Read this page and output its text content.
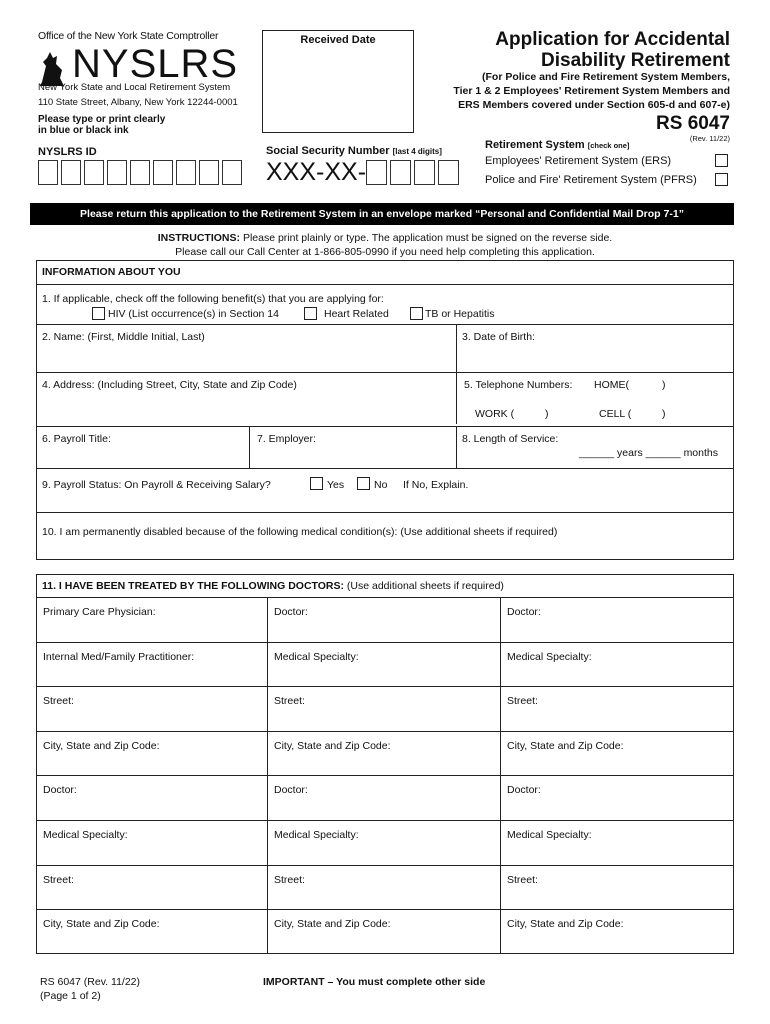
Office of the New York State Comptroller
NYSLRS
New York State and Local Retirement System
110 State Street, Albany, New York 12244-0001
Please type or print clearly
in blue or black ink
NYSLRS ID
Received Date
Social Security Number [last 4 digits]
XXX-XX-
Application for Accidental
Disability Retirement
(For Police and Fire Retirement System Members,
Tier 1 & 2 Employees' Retirement System Members and
ERS Members covered under Section 605-d and 607-e)
RS 6047
(Rev. 11/22)
Retirement System [check one]
Employees' Retirement System (ERS)
Police and Fire' Retirement System (PFRS)
Please return this application to the Retirement System in an envelope marked “Personal and Confidential Mail Drop 7-1”
INSTRUCTIONS: Please print plainly or type. The application must be signed on the reverse side.
Please call our Call Center at 1-866-805-0990 if you need help completing this application.
INFORMATION ABOUT YOU
1. If applicable, check off the following benefit(s) that you are applying for:
HIV (List occurrence(s) in Section 14	Heart Related	TB or Hepatitis
2. Name: (First, Middle Initial, Last)	3. Date of Birth:
4. Address: (Including Street, City, State and Zip Code)	5. Telephone Numbers: HOME(	)
WORK (	)	CELL (	)
6. Payroll Title:	7. Employer:	8. Length of Service:
______ years ______ months
9. Payroll Status: On Payroll & Receiving Salary?	Yes	No If No, Explain.
10. I am permanently disabled because of the following medical condition(s): (Use additional sheets if required)
11. I HAVE BEEN TREATED BY THE FOLLOWING DOCTORS: (Use additional sheets if required)
Primary Care Physician:	Doctor:	Doctor:
Internal Med/Family Practitioner:	Medical Specialty:	Medical Specialty:
Street:	Street:	Street:
City, State and Zip Code:	City, State and Zip Code:	City, State and Zip Code:
Doctor:	Doctor:	Doctor:
Medical Specialty:	Medical Specialty:	Medical Specialty:
Street:	Street:	Street:
City, State and Zip Code:	City, State and Zip Code:	City, State and Zip Code:
RS 6047 (Rev. 11/22)
(Page 1 of 2)
IMPORTANT – You must complete other side
